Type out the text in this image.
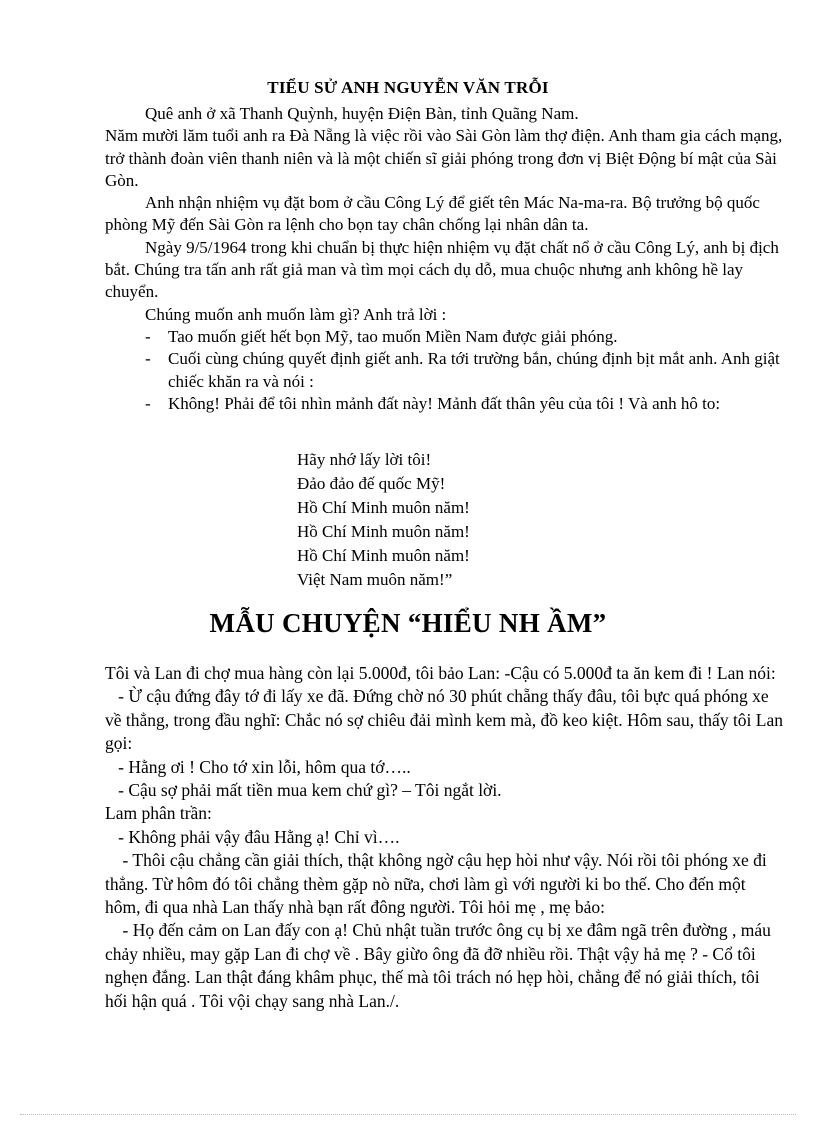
TIỂU SỬ ANH NGUYỄN VĂN TRỖI

Quê anh ở xã Thanh Quỳnh, huyện Điện Bàn, tỉnh Quãng Nam.

Năm mười lăm tuổi anh ra Đà Nẵng là việc rồi vào Sài Gòn làm thợ điện. Anh tham gia cách mạng, trở thành đoàn viên thanh niên và là một chiến sĩ giải phóng trong đơn vị Biệt Động bí mật của Sài Gòn.

Anh nhận nhiệm vụ đặt bom ở cầu Công Lý để giết tên Mác Na-ma-ra. Bộ trưởng bộ quốc phòng Mỹ đến Sài Gòn ra lệnh cho bọn tay chân chống lại nhân dân ta.

Ngày 9/5/1964 trong khi chuẩn bị thực hiện nhiệm vụ đặt chất nổ ở cầu Công Lý, anh bị địch bắt. Chúng tra tấn anh rất giả man và tìm mọi cách dụ dỗ, mua chuộc nhưng anh không hề lay chuyển.

Chúng muốn anh muốn làm gì? Anh trả lời :

- Tao muốn giết hết bọn Mỹ, tao muốn Miền Nam được giải phóng.
- Cuối cùng chúng quyết định giết anh. Ra tới trường bắn, chúng định bịt mắt anh. Anh giật chiếc khăn ra và nói :
- Không! Phải để tôi nhìn mảnh đất này! Mảnh đất thân yêu của tôi ! Và anh hô to:
Hãy nhớ lấy lời tôi!
Đảo đảo đế quốc Mỹ!
Hồ Chí Minh muôn năm!
Hồ Chí Minh muôn năm!
Hồ Chí Minh muôn năm!
Việt Nam muôn năm!”
MẪU CHUYỆN “HIỂU NH ẦM”

Tôi và Lan đi chợ mua hàng còn lại 5.000đ, tôi bảo Lan: -Cậu có 5.000đ ta ăn kem đi ! Lan nói:

- Ừ cậu đứng đây tớ đi lấy xe đã. Đứng chờ nó 30 phút chẵng thấy đâu, tôi bực quá phóng xe về thẳng, trong đầu nghĩ: Chắc nó sợ chiêu đải mình kem mà, đồ keo kiệt. Hôm sau, thấy tôi Lan gọi:

- Hằng ơi ! Cho tớ xin lỗi, hôm qua tớ…..

- Cậu sợ phải mất tiền mua kem chứ gì? – Tôi ngắt lời.

Lam phân trần:

- Không phải vậy đâu Hằng ạ! Chỉ vì….

- Thôi cậu chẳng cần giải thích, thật không ngờ cậu hẹp hòi như vậy. Nói rồi tôi phóng xe đi thẳng. Từ hôm đó tôi chẳng thèm gặp nò nữa, chơi làm gì với người ki bo thế. Cho đến một hôm, đi qua nhà Lan thấy nhà bạn rất đông người. Tôi hỏi mẹ , mẹ bảo:

- Họ đến cảm on Lan đấy con ạ! Chủ nhật tuần trước ông cụ bị xe đâm ngã trên đường , máu chảy nhiều, may gặp Lan đi chợ về . Bây giừo ông đã đỡ nhiều rồi. Thật vậy hả mẹ ? - Cổ tôi nghẹn đắng. Lan thật đáng khâm phục, thế mà tôi trách nó hẹp hòi, chẳng để nó giải thích, tôi hối hận quá . Tôi vội chạy sang nhà Lan./.
